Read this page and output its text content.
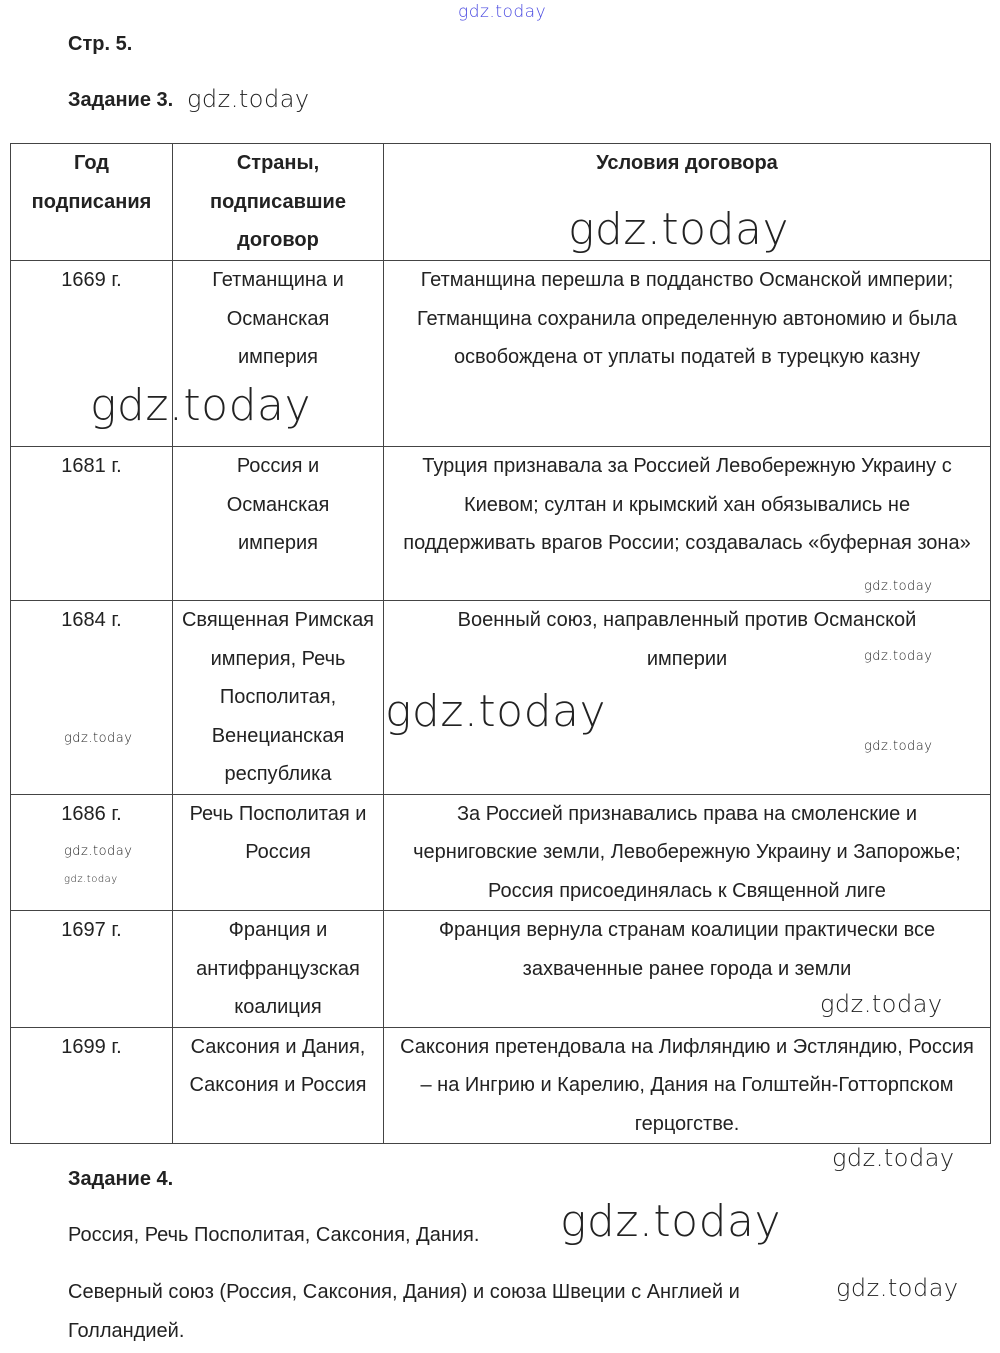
gdz.today
Стр. 5.
Задание 3. gdz.today
Год подписания	Страны, подписавшие договор	Условия договора
1669 г.	Гетманщина и Османская империя	Гетманщина перешла в подданство Османской империи; Гетманщина сохранила определенную автономию и была освобождена от уплаты податей в турецкую казну
1681 г.	Россия и Османская империя	Турция признавала за Россией Левобережную Украину с Киевом; султан и крымский хан обязывались не поддерживать врагов России; создавалась «буферная зона»
1684 г.	Священная Римская империя, Речь Посполитая, Венецианская республика	Военный союз, направленный против Османской империи
1686 г.	Речь Посполитая и Россия	За Россией признавались права на смоленские и черниговские земли, Левобережную Украину и Запорожье; Россия присоединялась к Священной лиге
1697 г.	Франция и антифранцузская коалиция	Франция вернула странам коалиции практически все захваченные ранее города и земли
1699 г.	Саксония и Дания, Саксония и Россия	Саксония претендовала на Лифляндию и Эстляндию, Россия – на Ингрию и Карелию, Дания на Голштейн-Готторпском герцогстве.
gdz.today
gdz.today
gdz.today
gdz.today
gdz.today
gdz.today
gdz.today
gdz.today
gdz.today
gdz.today
gdz.today
Задание 4.
gdz.today
Россия, Речь Посполитая, Саксония, Дания.
Северный союз (Россия, Саксония, Дания) и союза Швеции с Англией и Голландией.
gdz.today
